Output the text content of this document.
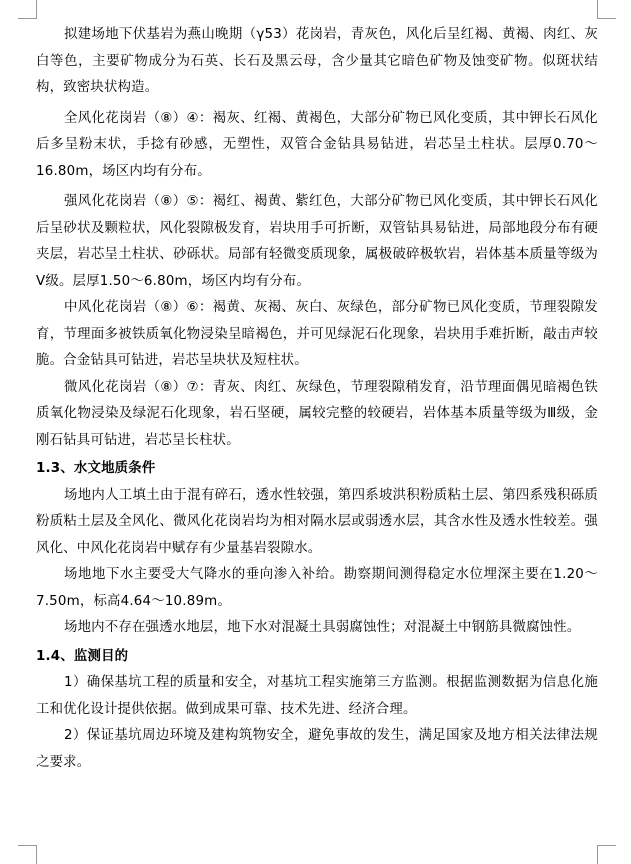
拟建场地下伏基岩为燕山晚期（γ53）花岗岩，青灰色，风化后呈红褐、黄褐、肉红、灰白等色，主要矿物成分为石英、长石及黑云母，含少量其它暗色矿物及蚀变矿物。似斑状结构，致密块状构造。

全风化花岗岩（⑧）④：褐灰、红褐、黄褐色，大部分矿物已风化变质，其中钾长石风化后多呈粉末状，手捻有砂感，无塑性，双管合金钻具易钻进，岩芯呈土柱状。层厚0.70～16.80m，场区内均有分布。

强风化花岗岩（⑧）⑤：褐红、褐黄、紫红色，大部分矿物已风化变质，其中钾长石风化后呈砂状及颗粒状，风化裂隙极发育，岩块用手可折断，双管钻具易钻进，局部地段分布有硬夹层，岩芯呈土柱状、砂砾状。局部有轻微变质现象，属极破碎极软岩，岩体基本质量等级为Ⅴ级。层厚1.50～6.80m，场区内均有分布。

中风化花岗岩（⑧）⑥：褐黄、灰褐、灰白、灰绿色，部分矿物已风化变质，节理裂隙发育，节理面多被铁质氧化物浸染呈暗褐色，并可见绿泥石化现象，岩块用手难折断，敲击声较脆。合金钻具可钻进，岩芯呈块状及短柱状。

微风化花岗岩（⑧）⑦：青灰、肉红、灰绿色，节理裂隙稍发育，沿节理面偶见暗褐色铁质氧化物浸染及绿泥石化现象，岩石坚硬，属较完整的较硬岩，岩体基本质量等级为Ⅲ级，金刚石钻具可钻进，岩芯呈长柱状。

1.3、水文地质条件

场地内人工填土由于混有碎石，透水性较强，第四系坡洪积粉质粘土层、第四系残积砾质粉质粘土层及全风化、微风化花岗岩均为相对隔水层或弱透水层，其含水性及透水性较差。强风化、中风化花岗岩中赋存有少量基岩裂隙水。

场地地下水主要受大气降水的垂向渗入补给。勘察期间测得稳定水位埋深主要在1.20～7.50m，标高4.64～10.89m。

场地内不存在强透水地层，地下水对混凝土具弱腐蚀性；对混凝土中钢筋具微腐蚀性。

1.4、监测目的

1）确保基坑工程的质量和安全，对基坑工程实施第三方监测。根据监测数据为信息化施工和优化设计提供依据。做到成果可靠、技术先进、经济合理。

2）保证基坑周边环境及建构筑物安全，避免事故的发生，满足国家及地方相关法律法规之要求。
